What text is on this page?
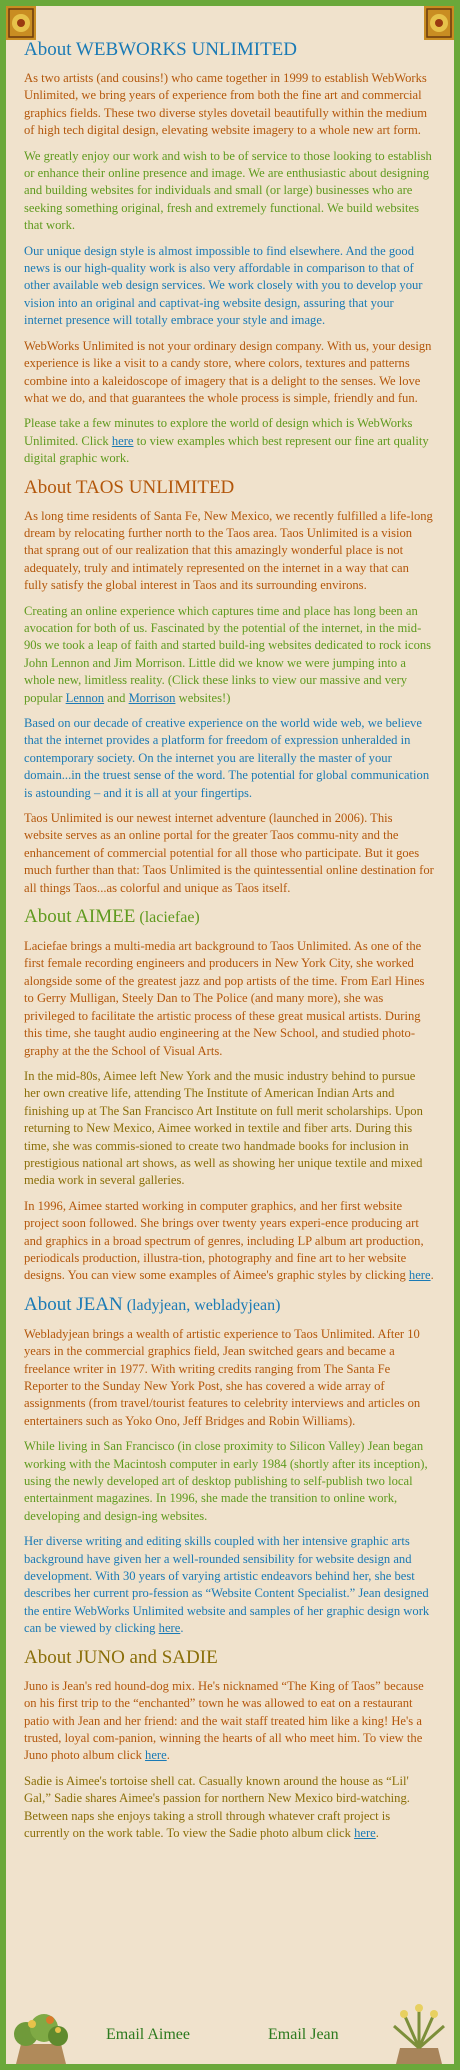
About WEBWORKS UNLIMITED

As two artists (and cousins!) who came together in 1999 to establish WebWorks Unlimited, we bring years of experience from both the fine art and commercial graphics fields. These two diverse styles dovetail beautifully within the medium of high tech digital design, elevating website imagery to a whole new art form.

We greatly enjoy our work and wish to be of service to those looking to establish or enhance their online presence and image. We are enthusiastic about designing and building websites for individuals and small (or large) businesses who are seeking something original, fresh and extremely functional. We build websites that work.

Our unique design style is almost impossible to find elsewhere. And the good news is our high-quality work is also very affordable in comparison to that of other available web design services. We work closely with you to develop your vision into an original and captivat-ing website design, assuring that your internet presence will totally embrace your style and image.

WebWorks Unlimited is not your ordinary design company. With us, your design experience is like a visit to a candy store, where colors, textures and patterns combine into a kaleidoscope of imagery that is a delight to the senses. We love what we do, and that guarantees the whole process is simple, friendly and fun.

Please take a few minutes to explore the world of design which is WebWorks Unlimited. Click here to view examples which best represent our fine art quality digital graphic work.

About TAOS UNLIMITED

As long time residents of Santa Fe, New Mexico, we recently fulfilled a life-long dream by relocating further north to the Taos area. Taos Unlimited is a vision that sprang out of our realization that this amazingly wonderful place is not adequately, truly and intimately represented on the internet in a way that can fully satisfy the global interest in Taos and its surrounding environs.

Creating an online experience which captures time and place has long been an avocation for both of us. Fascinated by the potential of the internet, in the mid-90s we took a leap of faith and started build-ing websites dedicated to rock icons John Lennon and Jim Morrison. Little did we know we were jumping into a whole new, limitless reality. (Click these links to view our massive and very popular Lennon and Morrison websites!)

Based on our decade of creative experience on the world wide web, we believe that the internet provides a platform for freedom of expression unheralded in contemporary society. On the internet you are literally the master of your domain...in the truest sense of the word. The potential for global communication is astounding – and it is all at your fingertips.

Taos Unlimited is our newest internet adventure (launched in 2006). This website serves as an online portal for the greater Taos commu-nity and the enhancement of commercial potential for all those who participate. But it goes much further than that: Taos Unlimited is the quintessential online destination for all things Taos...as colorful and unique as Taos itself.

About AIMEE (laciefae)

Laciefae brings a multi-media art background to Taos Unlimited. As one of the first female recording engineers and producers in New York City, she worked alongside some of the greatest jazz and pop artists of the time. From Earl Hines to Gerry Mulligan, Steely Dan to The Police (and many more), she was privileged to facilitate the artistic process of these great musical artists. During this time, she taught audio engineering at the New School, and studied photo-graphy at the the School of Visual Arts.

In the mid-80s, Aimee left New York and the music industry behind to pursue her own creative life, attending The Institute of American Indian Arts and finishing up at The San Francisco Art Institute on full merit scholarships. Upon returning to New Mexico, Aimee worked in textile and fiber arts. During this time, she was commis-sioned to create two handmade books for inclusion in prestigious national art shows, as well as showing her unique textile and mixed media work in several galleries.

In 1996, Aimee started working in computer graphics, and her first website project soon followed. She brings over twenty years experi-ence producing art and graphics in a broad spectrum of genres, including LP album art production, periodicals production, illustra-tion, photography and fine art to her website designs. You can view some examples of Aimee's graphic styles by clicking here.

About JEAN (ladyjean, webladyjean)

Webladyjean brings a wealth of artistic experience to Taos Unlimited. After 10 years in the commercial graphics field, Jean switched gears and became a freelance writer in 1977. With writing credits ranging from The Santa Fe Reporter to the Sunday New York Post, she has covered a wide array of assignments (from travel/tourist features to celebrity interviews and articles on entertainers such as Yoko Ono, Jeff Bridges and Robin Williams).

While living in San Francisco (in close proximity to Silicon Valley) Jean began working with the Macintosh computer in early 1984 (shortly after its inception), using the newly developed art of desktop publishing to self-publish two local entertainment magazines. In 1996, she made the transition to online work, developing and design-ing websites.

Her diverse writing and editing skills coupled with her intensive graphic arts background have given her a well-rounded sensibility for website design and development. With 30 years of varying artistic endeavors behind her, she best describes her current pro-fession as “Website Content Specialist.” Jean designed the entire WebWorks Unlimited website and samples of her graphic design work can be viewed by clicking here.

About JUNO and SADIE

Juno is Jean's red hound-dog mix. He's nicknamed “The King of Taos” because on his first trip to the “enchanted” town he was allowed to eat on a restaurant patio with Jean and her friend: and the wait staff treated him like a king! He's a trusted, loyal com-panion, winning the hearts of all who meet him. To view the Juno photo album click here.

Sadie is Aimee's tortoise shell cat. Casually known around the house as “Lil' Gal,” Sadie shares Aimee's passion for northern New Mexico bird-watching. Between naps she enjoys taking a stroll through whatever craft project is currently on the work table. To view the Sadie photo album click here.

Email Aimee	Email Jean
